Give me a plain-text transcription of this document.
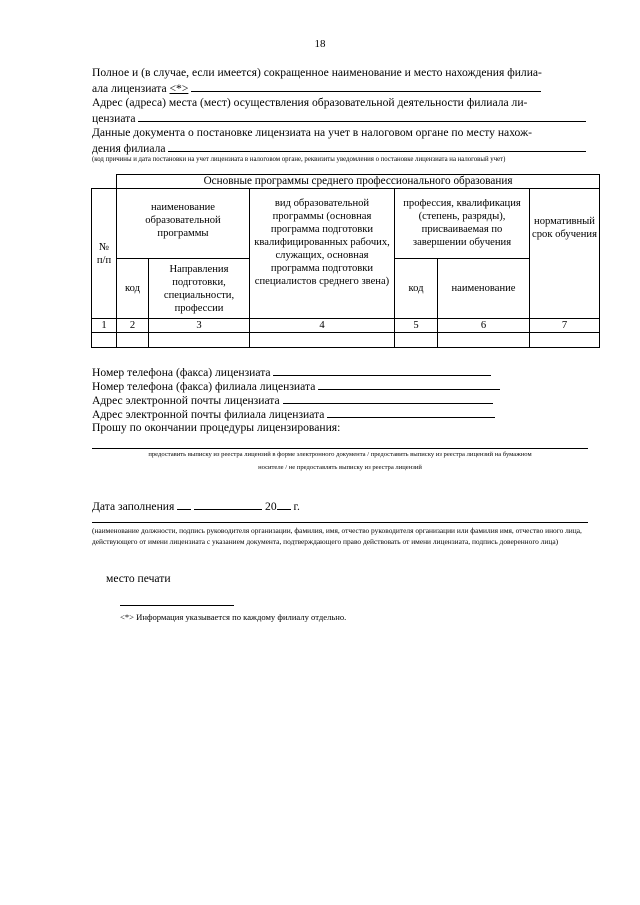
18
Полное и (в случае, если имеется) сокращенное наименование и место нахождения филиа-
ала лицензиата <*>
Адрес (адреса) места (мест) осуществления образовательной деятельности филиала ли-
цензиата
Данные документа о постановке лицензиата на учет в налоговом органе по месту нахож-
дения филиала
(код причины и дата постановки на учет лицензиата в налоговом органе, реквизиты уведомления о постановке лицензиата на налоговый учет)
	Основные программы среднего профессионального образования					
№ п/п	наименование образовательной программы		вид образовательной программы (основная программа подготовки квалифицированных рабочих, служащих, основная программа подготовки специалистов среднего звена)	профессия, квалификация (степень, разряды), присваиваемая по завершении обучения		нормативный срок обучения
	код	Направления подготовки, специальности, профессии		код	наименование	
1	2	3	4	5	6	7

Номер телефона (факса) лицензиата
Номер телефона (факса) филиала лицензиата
Адрес электронной почты лицензиата
Адрес электронной почты филиала лицензиата
Прошу по окончании процедуры лицензирования:
предоставить выписку из реестра лицензий в форме электронного документа / предоставить выписку из реестра лицензий на бумажном
носителе / не предоставлять выписку из реестра лицензий
Дата заполнения	20 г.
(наименование должности, подпись руководителя организации, фамилия, имя, отчество руководителя организации или фамилия имя, отчество иного лица, действующего от имени лицензиата с указанием документа, подтверждающего право действовать от имени лицензиата, подпись доверенного лица)
место печати
<*> Информация указывается по каждому филиалу отдельно.
